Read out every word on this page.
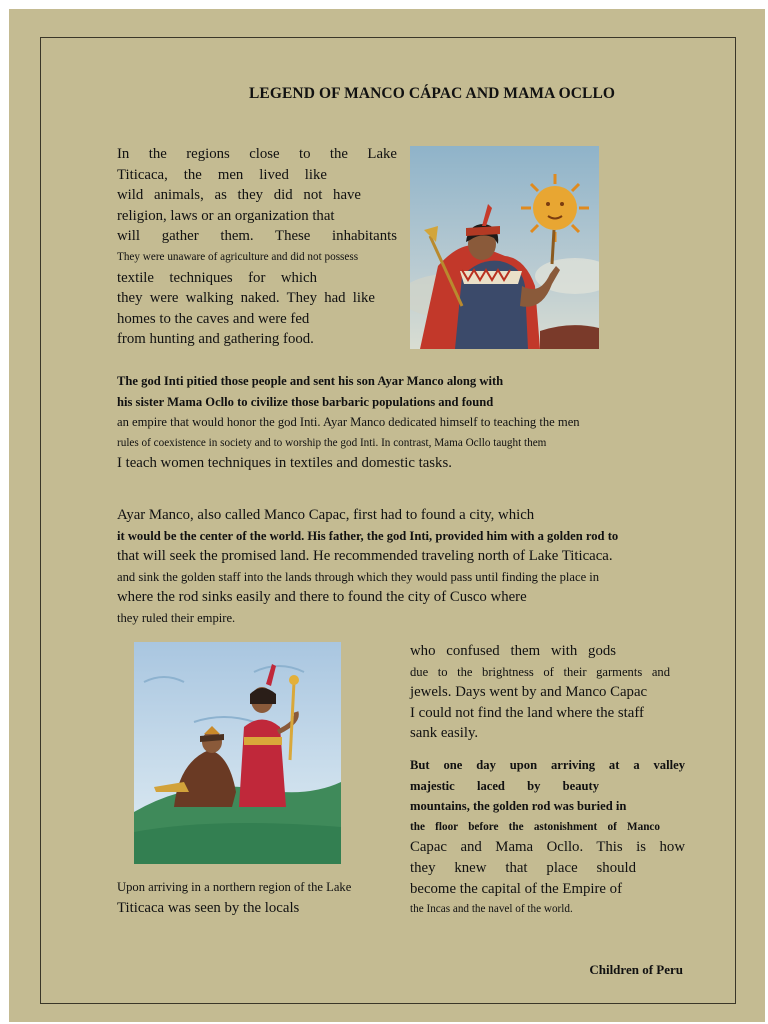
LEGEND OF MANCO CÁPAC AND MAMA OCLLO
In the regions close to the Lake
Titicaca, the men lived like
wild animals, as they did not have
religion, laws or an organization that
will gather them. These inhabitants
They were unaware of agriculture and did not possess
textile techniques for which
they were walking naked. They had like
homes to the caves and were fed
from hunting and gathering food.
The god Inti pitied those people and sent his son Ayar Manco along with
his sister Mama Ocllo to civilize those barbaric populations and found
an empire that would honor the god Inti. Ayar Manco dedicated himself to teaching the men
rules of coexistence in society and to worship the god Inti. In contrast, Mama Ocllo taught them
I teach women techniques in textiles and domestic tasks.
Ayar Manco, also called Manco Capac, first had to found a city, which
it would be the center of the world. His father, the god Inti, provided him with a golden rod to
that will seek the promised land. He recommended traveling north of Lake Titicaca.
and sink the golden staff into the lands through which they would pass until finding the place in
where the rod sinks easily and there to found the city of Cusco where
they ruled their empire.
Upon arriving in a northern region of the Lake
Titicaca was seen by the locals
who confused them with gods
due to the brightness of their garments and
jewels. Days went by and Manco Capac
I could not find the land where the staff
sank easily.
But one day upon arriving at a valley
majestic laced by beauty
mountains, the golden rod was buried in
the floor before the astonishment of Manco
Capac and Mama Ocllo. This is how
they knew that place should
become the capital of the Empire of
the Incas and the navel of the world.
Children of Peru
